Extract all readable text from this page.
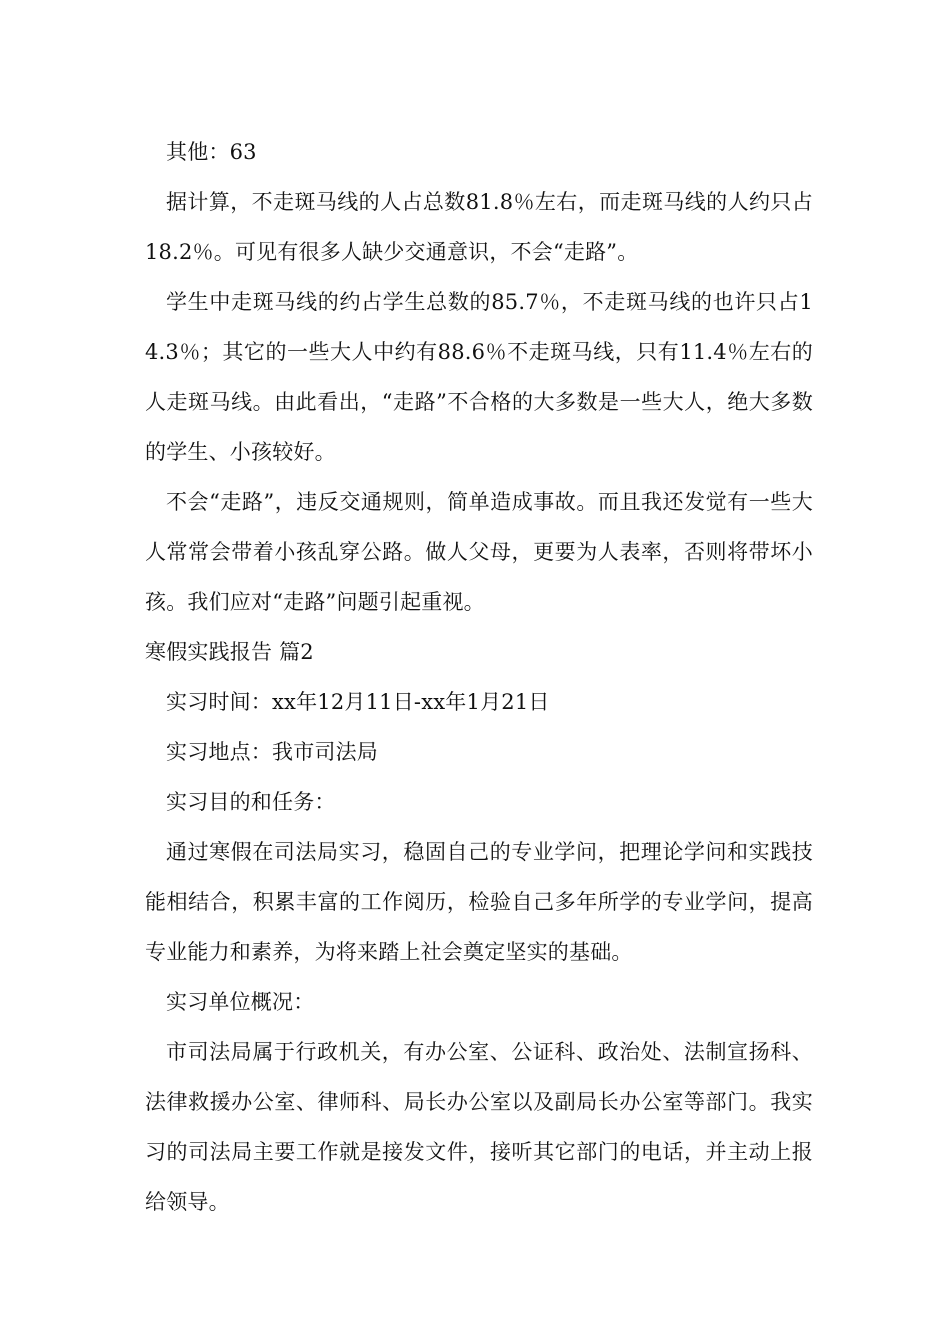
其他：63

据计算，不走斑马线的人占总数81.8％左右，而走斑马线的人约只占18.2％。可见有很多人缺少交通意识，不会“走路”。

学生中走斑马线的约占学生总数的85.7％，不走斑马线的也许只占14.3％；其它的一些大人中约有88.6％不走斑马线，只有11.4％左右的人走斑马线。由此看出，“走路”不合格的大多数是一些大人，绝大多数的学生、小孩较好。

不会“走路”，违反交通规则，简单造成事故。而且我还发觉有一些大人常常会带着小孩乱穿公路。做人父母，更要为人表率，否则将带坏小孩。我们应对“走路”问题引起重视。

寒假实践报告 篇2

实习时间：xx年12月11日-xx年1月21日

实习地点：我市司法局

实习目的和任务：

通过寒假在司法局实习，稳固自己的专业学问，把理论学问和实践技能相结合，积累丰富的工作阅历，检验自己多年所学的专业学问，提高专业能力和素养，为将来踏上社会奠定坚实的基础。

实习单位概况：

市司法局属于行政机关，有办公室、公证科、政治处、法制宣扬科、法律救援办公室、律师科、局长办公室以及副局长办公室等部门。我实习的司法局主要工作就是接发文件，接听其它部门的电话，并主动上报给领导。
